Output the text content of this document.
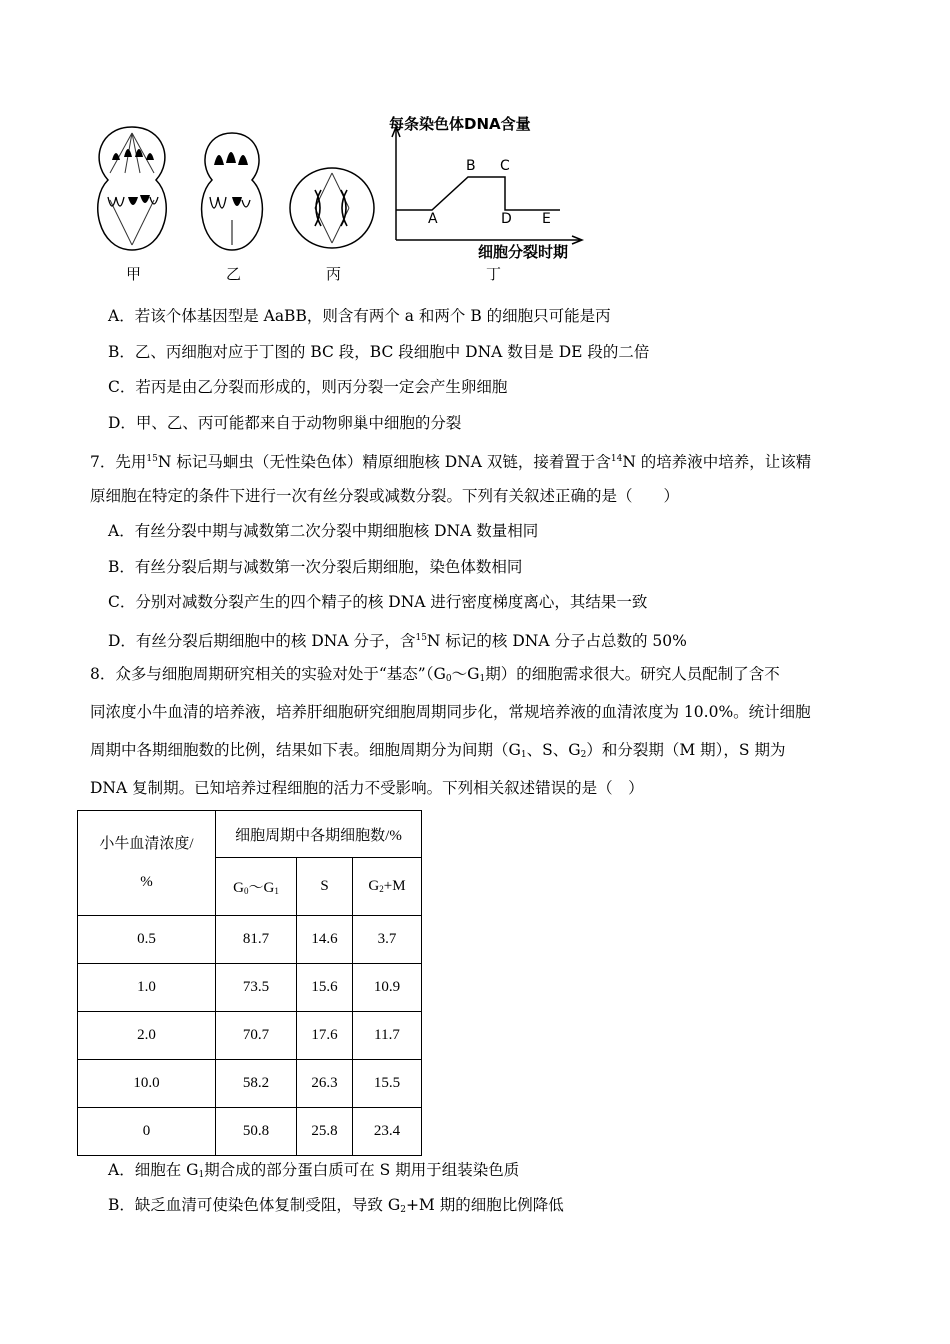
每条染色体DNA含量
细胞分裂时期
A
B C
D E
甲	乙	丙	丁
A．若该个体基因型是 AaBB，则含有两个 a 和两个 B 的细胞只可能是丙
B．乙、丙细胞对应于丁图的 BC 段，BC 段细胞中 DNA 数目是 DE 段的二倍
C．若丙是由乙分裂而形成的，则丙分裂一定会产生卵细胞
D．甲、乙、丙可能都来自于动物卵巢中细胞的分裂
7．先用$^{15}$N 标记马蛔虫（无性染色体）精原细胞核 DNA 双链，接着置于含$^{14}$N 的培养液中培养，让该精
原细胞在特定的条件下进行一次有丝分裂或减数分裂。下列有关叙述正确的是（　　）
A．有丝分裂中期与减数第二次分裂中期细胞核 DNA 数量相同
B．有丝分裂后期与减数第一次分裂后期细胞，染色体数相同
C．分别对减数分裂产生的四个精子的核 DNA 进行密度梯度离心，其结果一致
D．有丝分裂后期细胞中的核 DNA 分子，含$^{15}$N 标记的核 DNA 分子占总数的 50%
8．众多与细胞周期研究相关的实验对处于“基态$”(G_0\sim G_1$期）的细胞需求很大。研究人员配制了含不
同浓度小牛血清的培养液，培养肝细胞研究细胞周期同步化，常规培养液的血清浓度为 10.0%。统计细胞
周期中各期细胞数的比例，结果如下表。细胞周期分为间期（$G_1$、S、$G_2$）和分裂期（M 期），S 期为
DNA 复制期。已知培养过程细胞的活力不受影响。下列相关叙述错误的是（　）
小牛血清浓度/
%	细胞周期中各期细胞数/%		
	$G_0\sim G_1$	S	$G_2+M$
0.5	81.7	14.6	3.7
1.0	73.5	15.6	10.9
2.0	70.7	17.6	11.7
10.0	58.2	26.3	15.5
0	50.8	25.8	23.4
A．细胞在 $G_1$期合成的部分蛋白质可在 S 期用于组装染色质
B．缺乏血清可使染色体复制受阻，导致 $G_2+M$ 期的细胞比例降低
